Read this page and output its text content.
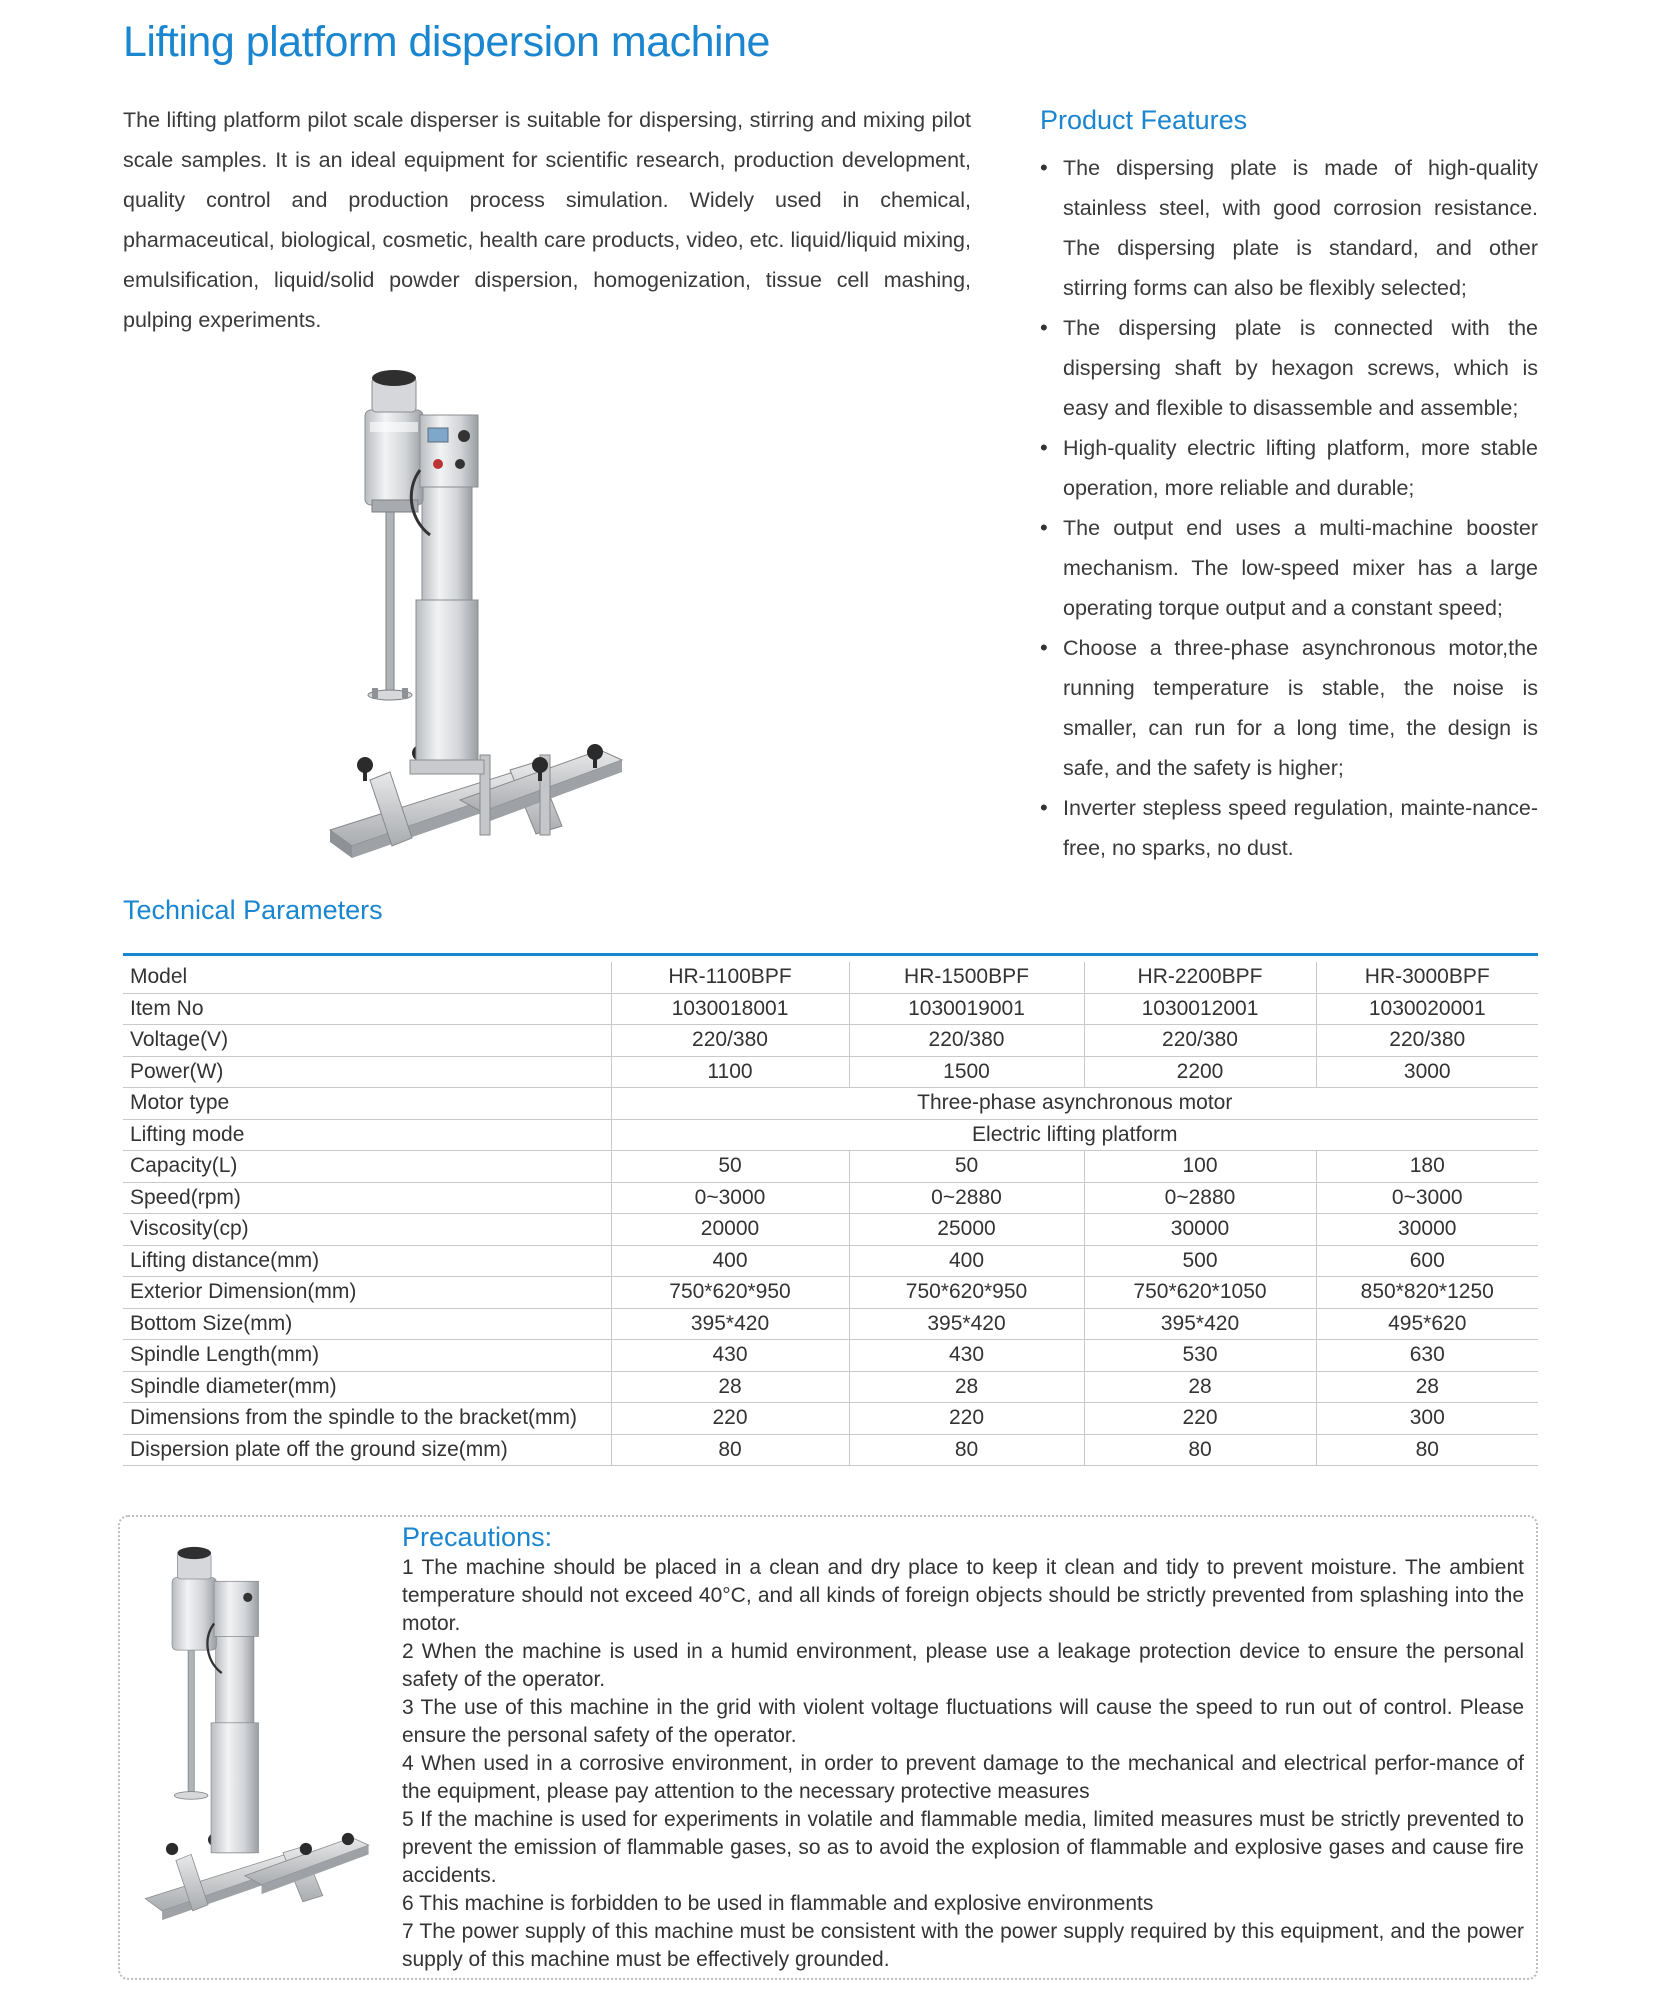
Lifting platform dispersion machine

The lifting platform pilot scale disperser is suitable for dispersing, stirring and mixing pilot scale samples. It is an ideal equipment for scientific research, production development, quality control and production process simulation. Widely used in chemical, pharmaceutical, biological, cosmetic, health care products, video, etc. liquid/liquid mixing, emulsification, liquid/solid powder dispersion, homogenization, tissue cell mashing, pulping experiments.

Product Features
• The dispersing plate is made of high-quality stainless steel, with good corrosion resistance. The dispersing plate is standard, and other stirring forms can also be flexibly selected;
• The dispersing plate is connected with the dispersing shaft by hexagon screws, which is easy and flexible to disassemble and assemble;
• High-quality electric lifting platform, more stable operation, more reliable and durable;
• The output end uses a multi-machine booster mechanism. The low-speed mixer has a large operating torque output and a constant speed;
• Choose a three-phase asynchronous motor,the running temperature is stable, the noise is smaller, can run for a long time, the design is safe, and the safety is higher;
• Inverter stepless speed regulation, mainte-nance-free, no sparks, no dust.
Technical Parameters
Model	HR-1100BPF	HR-1500BPF	HR-2200BPF	HR-3000BPF
Item No	1030018001	1030019001	1030012001	1030020001
Voltage(V)	220/380	220/380	220/380	220/380
Power(W)	1100	1500	2200	3000
Motor type	Three-phase asynchronous motor			
Lifting mode	Electric lifting platform			
Capacity(L)	50	50	100	180
Speed(rpm)	0~3000	0~2880	0~2880	0~3000
Viscosity(cp)	20000	25000	30000	30000
Lifting distance(mm)	400	400	500	600
Exterior Dimension(mm)	750*620*950	750*620*950	750*620*1050	850*820*1250
Bottom Size(mm)	395*420	395*420	395*420	495*620
Spindle Length(mm)	430	430	530	630
Spindle diameter(mm)	28	28	28	28
Dimensions from the spindle to the bracket(mm)	220	220	220	300
Dispersion plate off the ground size(mm)	80	80	80	80
Precautions:

1 The machine should be placed in a clean and dry place to keep it clean and tidy to prevent moisture. The ambient temperature should not exceed 40°C, and all kinds of foreign objects should be strictly prevented from splashing into the motor.

2 When the machine is used in a humid environment, please use a leakage protection device to ensure the personal safety of the operator.

3 The use of this machine in the grid with violent voltage fluctuations will cause the speed to run out of control. Please ensure the personal safety of the operator.

4 When used in a corrosive environment, in order to prevent damage to the mechanical and electrical perfor-mance of the equipment, please pay attention to the necessary protective measures

5 If the machine is used for experiments in volatile and flammable media, limited measures must be strictly prevented to prevent the emission of flammable gases, so as to avoid the explosion of flammable and explosive gases and cause fire accidents.

6 This machine is forbidden to be used in flammable and explosive environments

7 The power supply of this machine must be consistent with the power supply required by this equipment, and the power supply of this machine must be effectively grounded.
